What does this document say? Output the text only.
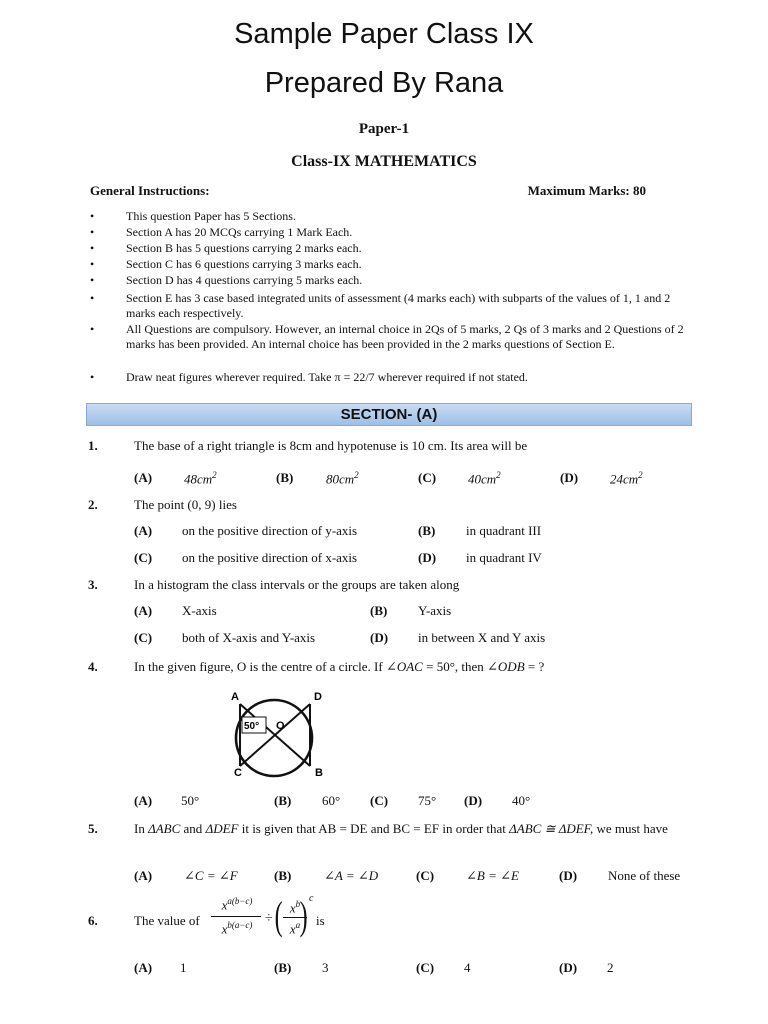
Sample Paper Class IX
Prepared By Rana
Paper-1
Class-IX MATHEMATICS
General Instructions:	Maximum Marks: 80
•	This question Paper has 5 Sections.
•	Section A has 20 MCQs carrying 1 Mark Each.
•	Section B has 5 questions carrying 2 marks each.
•	Section C has 6 questions carrying 3 marks each.
•	Section D has 4 questions carrying 5 marks each.
•	Section E has 3 case based integrated units of assessment (4 marks each) with subparts of the values of 1, 1 and 2 marks each respectively.
•	All Questions are compulsory. However, an internal choice in 2Qs of 5 marks, 2 Qs of 3 marks and 2 Questions of 2 marks has been provided. An internal choice has been provided in the 2 marks questions of Section E.
•	Draw neat figures wherever required. Take π = 22/7 wherever required if not stated.
SECTION- (A)
1.	The base of a right triangle is 8cm and hypotenuse is 10 cm. Its area will be
(A) $48cm^2$	(B)	$80cm^2$	(C) $40cm^2$	(D) $24cm^2$
2.	The point (0, 9) lies
(A) on the positive direction of y-axis	(B) in quadrant III
(C) on the positive direction of x-axis	(D) in quadrant IV
3.	In a histogram the class intervals or the groups are taken along
(A) X-axis	(B) Y-axis
(C) both of X-axis and Y-axis	(D) in between X and Y axis
4.	In the given figure, O is the centre of a circle. If ∠OAC = 50°, then ∠ODB = ?
A	D
C	B
O
50°
(A) 50°	(B) 60° (C) 75° (D) 40°
5.	In ΔABC and ΔDEF it is given that AB = DE and BC = EF in order that ΔABC ≅ ΔDEF, we must have
(A) ∠C = ∠F	(B)	∠A = ∠D	(C) ∠B = ∠E	(D) None of these
6.	The value of
$x^{a(b-c)}$
$x^{b(a-c)}$ ÷ ( $x^b$
$x^a$ ) c
is
(A) 1	(B) 3	(C) 4	(D) 2
